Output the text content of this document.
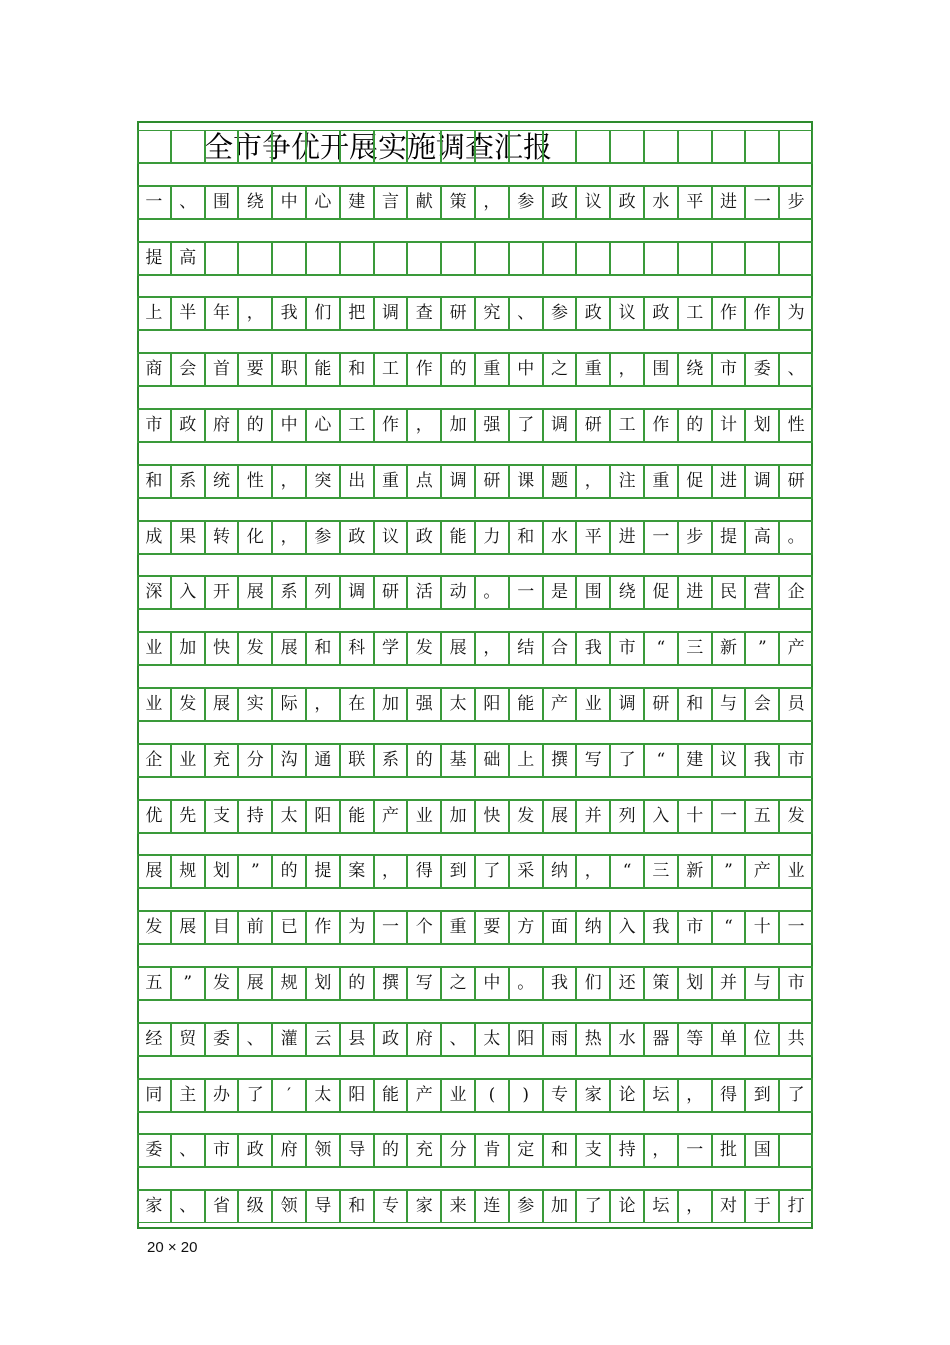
全市争优开展实施调查汇报
20 × 20
一 、 围 绕 中 心 建 言 献 策 ， 参 政 议 政 水 平 进 一 步
提 高
上 半 年 ， 我 们 把 调 查 研 究 、 参 政 议 政 工 作 作 为
商 会 首 要 职 能 和 工 作 的 重 中 之 重 ， 围 绕 市 委 、
市 政 府 的 中 心 工 作 ， 加 强 了 调 研 工 作 的 计 划 性
和 系 统 性 ， 突 出 重 点 调 研 课 题 ， 注 重 促 进 调 研
成 果 转 化 ， 参 政 议 政 能 力 和 水 平 进 一 步 提 高 。
深 入 开 展 系 列 调 研 活 动 。 一 是 围 绕 促 进 民 营 企
业 加 快 发 展 和 科 学 发 展 ， 结 合 我 市	“	三 新	”	产
业 发 展 实 际 ， 在 加 强 太 阳 能 产 业 调 研 和 与 会 员
企 业 充 分 沟 通 联 系 的 基 础 上 撰 写 了	“	建 议 我 市
优 先 支 持 太 阳 能 产 业 加 快 发 展 并 列 入 十 一 五 发
展 规 划	”	的 提 案 ， 得 到 了 采 纳 ，	“	三 新	”	产 业
发 展 目 前 已 作 为 一 个 重 要 方 面 纳 入 我 市	“	十 一
五	”	发 展 规 划 的 撰 写 之 中 。 我 们 还 策 划 并 与 市
经 贸 委 、 灌 云 县 政 府 、 太 阳 雨 热 水 器 等 单 位 共
同 主 办 了	′	太 阳 能 产 业	(	)	专 家 论 坛 ， 得 到 了
委 、 市 政 府 领 导 的 充 分 肯 定 和 支 持 ， 一 批 国
家 、 省 级 领 导 和 专 家 来 连 参 加 了 论 坛 ， 对 于 打
